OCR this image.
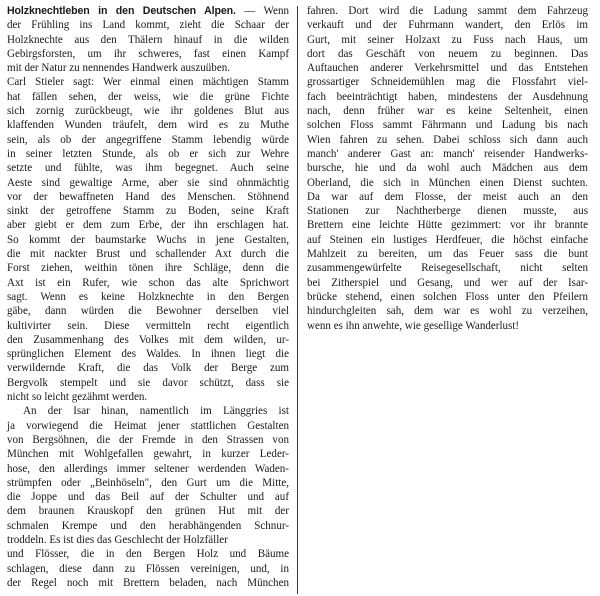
Holzknechtleben in den Deutschen Alpen. — Wenn
der Frühling ins Land kommt, zieht die Schaar der
Holzknechte aus den Thälern hinauf in die wilden
Gebirgsforsten, um ihr schweres, fast einen Kampf
mit der Natur zu nennendes Handwerk auszuüben.
Carl Stieler sagt: Wer einmal einen mächtigen Stamm
hat fällen sehen, der weiss, wie die grüne Fichte
sich zornig zurückbeugt, wie ihr goldenes Blut aus
klaffenden Wunden träufelt, dem wird es zu Muthe
sein, als ob der angegriffene Stamm lebendig würde
in seiner letzten Stunde, als ob er sich zur Wehre
setzte und fühlte, was ihm begegnet. Auch seine
Aeste sind gewaltige Arme, aber sie sind ohnmächtig
vor der bewaffneten Hand des Menschen. Stöhnend
sinkt der getroffene Stamm zu Boden, seine Kraft
aber giebt er dem zum Erbe, der ihn erschlagen hat.
So kommt der baumstarke Wuchs in jene Gestalten,
die mit nackter Brust und schallender Axt durch die
Forst ziehen, weithin tönen ihre Schläge, denn die
Axt ist ein Rufer, wie schon das alte Sprichwort
sagt. Wenn es keine Holzknechte in den Bergen
gäbe, dann würden die Bewohner derselben viel
kultivirter sein. Diese vermitteln recht eigentlich
den Zusammenhang des Volkes mit dem wilden, ur-
sprünglichen Element des Waldes. In ihnen liegt die
verwildernde Kraft, die das Volk der Berge zum
Bergvolk stempelt und sie davor schützt, dass sie
nicht so leicht gezähmt werden.
An der Isar hinan, namentlich im Länggries ist
ja vorwiegend die Heimat jener stattlichen Gestalten
von Bergsöhnen, die der Fremde in den Strassen von
München mit Wohlgefallen gewahrt, in kurzer Leder-
hose, den allerdings immer seltener werdenden Waden-
strümpfen oder „Beinhöseln", den Gurt um die Mitte,
die Joppe und das Beil auf der Schulter und auf
dem braunen Krauskopf den grünen Hut mit der
schmalen Krempe und den herabhängenden Schnur-
troddeln. Es ist dies das Geschlecht der Holzfäller
und Flösser, die in den Bergen Holz und Bäume
schlagen, diese dann zu Flössen vereinigen, und, in
der Regel noch mit Brettern beladen, nach München
fahren. Dort wird die Ladung sammt dem Fahrzeug
verkauft und der Fuhrmann wandert, den Erlös im
Gurt, mit seiner Holzaxt zu Fuss nach Haus, um
dort das Geschäft von neuem zu beginnen. Das
Auftauchen anderer Verkehrsmittel und das Entstehen
grossartiger Schneidemühlen mag die Flossfahrt viel-
fach beeinträchtigt haben, mindestens der Ausdehnung
nach, denn früher war es keine Seltenheit, einen
solchen Floss sammt Fährmann und Ladung bis nach
Wien fahren zu sehen. Dabei schloss sich dann auch
manch' anderer Gast an: manch' reisender Handwerks-
bursche, hie und da wohl auch Mädchen aus dem
Oberland, die sich in München einen Dienst suchten.
Da war auf dem Flosse, der meist auch an den
Stationen zur Nachtherberge dienen musste, aus
Brettern eine leichte Hütte gezimmert: vor ihr brannte
auf Steinen ein lustiges Herdfeuer, die höchst einfache
Mahlzeit zu bereiten, um das Feuer sass die bunt
zusammengewürfelte Reisegesellschaft, nicht selten
bei Zitherspiel und Gesang, und wer auf der Isar-
brücke stehend, einen solchen Floss unter den Pfeilern
hindurchgleiten sah, dem war es wohl zu verzeihen,
wenn es ihn anwehte, wie gesellige Wanderlust!
